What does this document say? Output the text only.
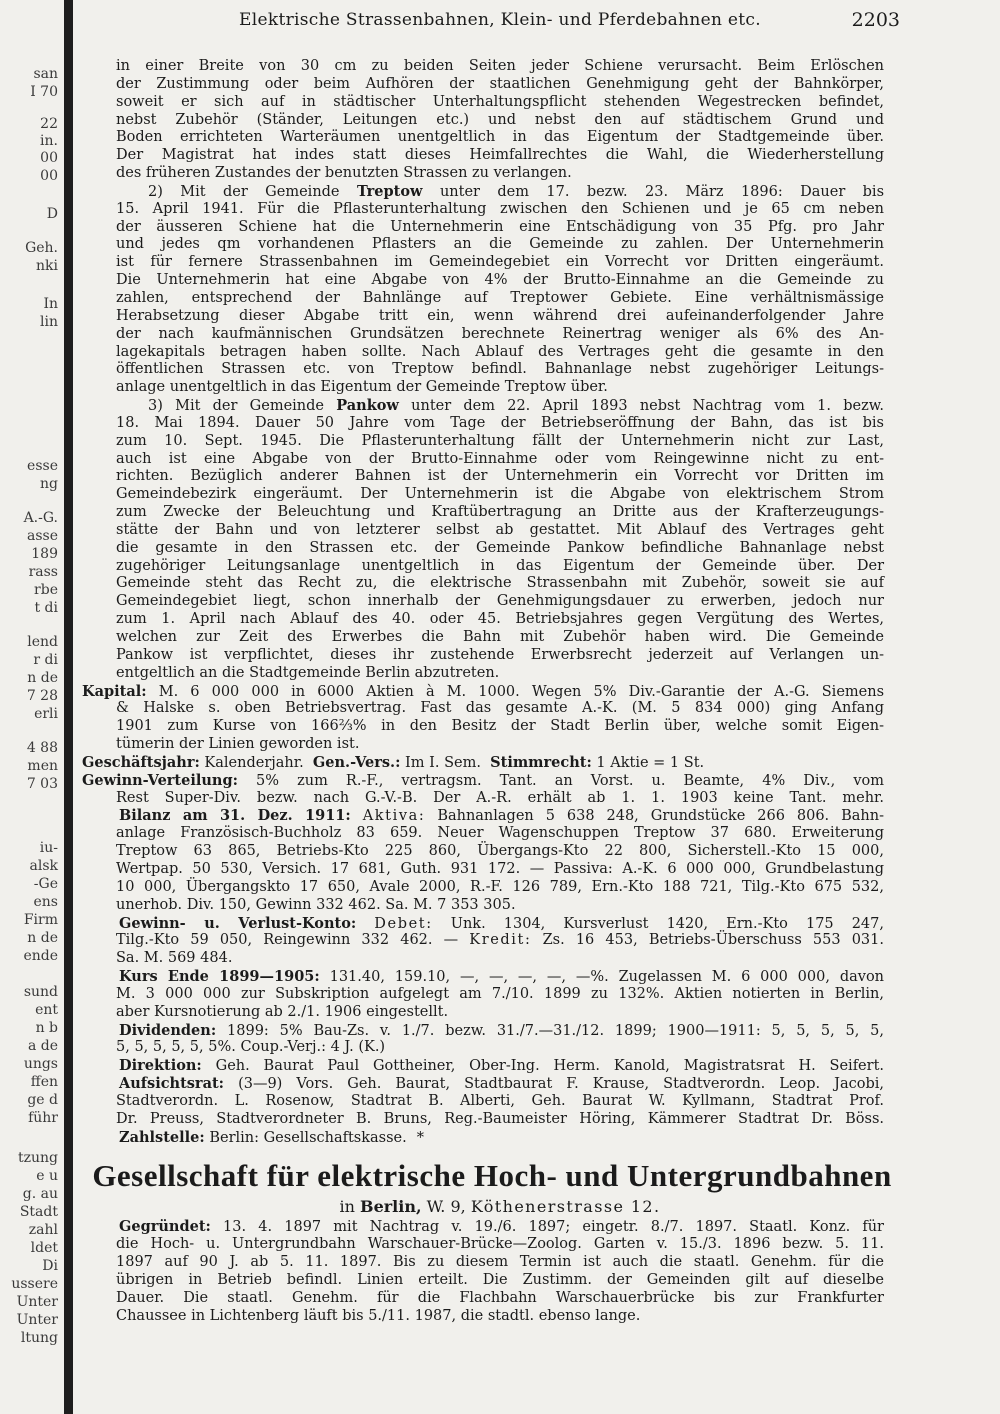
san
I 70
22
in.
00
00
D
Geh.
nki
In
lin
esse
ng
A.-G.
asse
189
rass
rbe
t di
lend
r di
n de
7 28
erli
4 88
men
7 03
iu-
alsk
-Ge
ens
Firm
n de
ende
sund
ent
n b
a de
ungs
ffen
ge d
führ
tzung
e u
g. au
Stadt
zahl
ldet
Di
ussere
Unter
Unter
ltung
Elektrische Strassenbahnen, Klein- und Pferdebahnen etc.	2203
in einer Breite von 30 cm zu beiden Seiten jeder Schiene verursacht. Beim Erlöschen
der Zustimmung oder beim Aufhören der staatlichen Genehmigung geht der Bahnkörper,
soweit er sich auf in städtischer Unterhaltungspflicht stehenden Wegestrecken befindet,
nebst Zubehör (Ständer, Leitungen etc.) und nebst den auf städtischem Grund und
Boden errichteten Warteräumen unentgeltlich in das Eigentum der Stadtgemeinde über.
Der Magistrat hat indes statt dieses Heimfallrechtes die Wahl, die Wiederherstellung
des früheren Zustandes der benutzten Strassen zu verlangen.
2) Mit der Gemeinde Treptow unter dem 17. bezw. 23. März 1896: Dauer bis
15. April 1941. Für die Pflasterunterhaltung zwischen den Schienen und je 65 cm neben
der äusseren Schiene hat die Unternehmerin eine Entschädigung von 35 Pfg. pro Jahr
und jedes qm vorhandenen Pflasters an die Gemeinde zu zahlen. Der Unternehmerin
ist für fernere Strassenbahnen im Gemeindegebiet ein Vorrecht vor Dritten eingeräumt.
Die Unternehmerin hat eine Abgabe von 4% der Brutto-Einnahme an die Gemeinde zu
zahlen, entsprechend der Bahnlänge auf Treptower Gebiete. Eine verhältnismässige
Herabsetzung dieser Abgabe tritt ein, wenn während drei aufeinanderfolgender Jahre
der nach kaufmännischen Grundsätzen berechnete Reinertrag weniger als 6% des An-
lagekapitals betragen haben sollte. Nach Ablauf des Vertrages geht die gesamte in den
öffentlichen Strassen etc. von Treptow befindl. Bahnanlage nebst zugehöriger Leitungs-
anlage unentgeltlich in das Eigentum der Gemeinde Treptow über.
3) Mit der Gemeinde Pankow unter dem 22. April 1893 nebst Nachtrag vom 1. bezw.
18. Mai 1894. Dauer 50 Jahre vom Tage der Betriebseröffnung der Bahn, das ist bis
zum 10. Sept. 1945. Die Pflasterunterhaltung fällt der Unternehmerin nicht zur Last,
auch ist eine Abgabe von der Brutto-Einnahme oder vom Reingewinne nicht zu ent-
richten. Bezüglich anderer Bahnen ist der Unternehmerin ein Vorrecht vor Dritten im
Gemeindebezirk eingeräumt. Der Unternehmerin ist die Abgabe von elektrischem Strom
zum Zwecke der Beleuchtung und Kraftübertragung an Dritte aus der Krafterzeugungs-
stätte der Bahn und von letzterer selbst ab gestattet. Mit Ablauf des Vertrages geht
die gesamte in den Strassen etc. der Gemeinde Pankow befindliche Bahnanlage nebst
zugehöriger Leitungsanlage unentgeltlich in das Eigentum der Gemeinde über. Der
Gemeinde steht das Recht zu, die elektrische Strassenbahn mit Zubehör, soweit sie auf
Gemeindegebiet liegt, schon innerhalb der Genehmigungsdauer zu erwerben, jedoch nur
zum 1. April nach Ablauf des 40. oder 45. Betriebsjahres gegen Vergütung des Wertes,
welchen zur Zeit des Erwerbes die Bahn mit Zubehör haben wird. Die Gemeinde
Pankow ist verpflichtet, dieses ihr zustehende Erwerbsrecht jederzeit auf Verlangen un-
entgeltlich an die Stadtgemeinde Berlin abzutreten.
Kapital: M. 6 000 000 in 6000 Aktien à M. 1000. Wegen 5% Div.-Garantie der A.-G. Siemens
& Halske s. oben Betriebsvertrag. Fast das gesamte A.-K. (M. 5 834 000) ging Anfang
1901 zum Kurse von 166⅔% in den Besitz der Stadt Berlin über, welche somit Eigen-
tümerin der Linien geworden ist.
Geschäftsjahr: Kalenderjahr. Gen.-Vers.: Im I. Sem. Stimmrecht: 1 Aktie = 1 St.
Gewinn-Verteilung: 5% zum R.-F., vertragsm. Tant. an Vorst. u. Beamte, 4% Div., vom
Rest Super-Div. bezw. nach G.-V.-B. Der A.-R. erhält ab 1. 1. 1903 keine Tant. mehr.
Bilanz am 31. Dez. 1911: Aktiva: Bahnanlagen 5 638 248, Grundstücke 266 806. Bahn-
anlage Französisch-Buchholz 83 659. Neuer Wagenschuppen Treptow 37 680. Erweiterung
Treptow 63 865, Betriebs-Kto 225 860, Übergangs-Kto 22 800, Sicherstell.-Kto 15 000,
Wertpap. 50 530, Versich. 17 681, Guth. 931 172. — Passiva: A.-K. 6 000 000, Grundbelastung
10 000, Übergangskto 17 650, Avale 2000, R.-F. 126 789, Ern.-Kto 188 721, Tilg.-Kto 675 532,
unerhob. Div. 150, Gewinn 332 462. Sa. M. 7 353 305.
Gewinn- u. Verlust-Konto: Debet: Unk. 1304, Kursverlust 1420, Ern.-Kto 175 247,
Tilg.-Kto 59 050, Reingewinn 332 462. — Kredit: Zs. 16 453, Betriebs-Überschuss 553 031.
Sa. M. 569 484.
Kurs Ende 1899—1905: 131.40, 159.10, —, —, —, —, —%. Zugelassen M. 6 000 000, davon
M. 3 000 000 zur Subskription aufgelegt am 7./10. 1899 zu 132%. Aktien notierten in Berlin,
aber Kursnotierung ab 2./1. 1906 eingestellt.
Dividenden: 1899: 5% Bau-Zs. v. 1./7. bezw. 31./7.—31./12. 1899; 1900—1911: 5, 5, 5, 5, 5,
5, 5, 5, 5, 5, 5%. Coup.-Verj.: 4 J. (K.)
Direktion: Geh. Baurat Paul Gottheiner, Ober-Ing. Herm. Kanold, Magistratsrat H. Seifert.
Aufsichtsrat: (3—9) Vors. Geh. Baurat, Stadtbaurat F. Krause, Stadtverordn. Leop. Jacobi,
Stadtverordn. L. Rosenow, Stadtrat B. Alberti, Geh. Baurat W. Kyllmann, Stadtrat Prof.
Dr. Preuss, Stadtverordneter B. Bruns, Reg.-Baumeister Höring, Kämmerer Stadtrat Dr. Böss.
Zahlstelle: Berlin: Gesellschaftskasse. *
Gesellschaft für elektrische Hoch- und Untergrundbahnen
in Berlin, W. 9, Köthenerstrasse 12.
Gegründet: 13. 4. 1897 mit Nachtrag v. 19./6. 1897; eingetr. 8./7. 1897. Staatl. Konz. für
die Hoch- u. Untergrundbahn Warschauer-Brücke—Zoolog. Garten v. 15./3. 1896 bezw. 5. 11.
1897 auf 90 J. ab 5. 11. 1897. Bis zu diesem Termin ist auch die staatl. Genehm. für die
übrigen in Betrieb befindl. Linien erteilt. Die Zustimm. der Gemeinden gilt auf dieselbe
Dauer. Die staatl. Genehm. für die Flachbahn Warschauerbrücke bis zur Frankfurter
Chaussee in Lichtenberg läuft bis 5./11. 1987, die stadtl. ebenso lange.
